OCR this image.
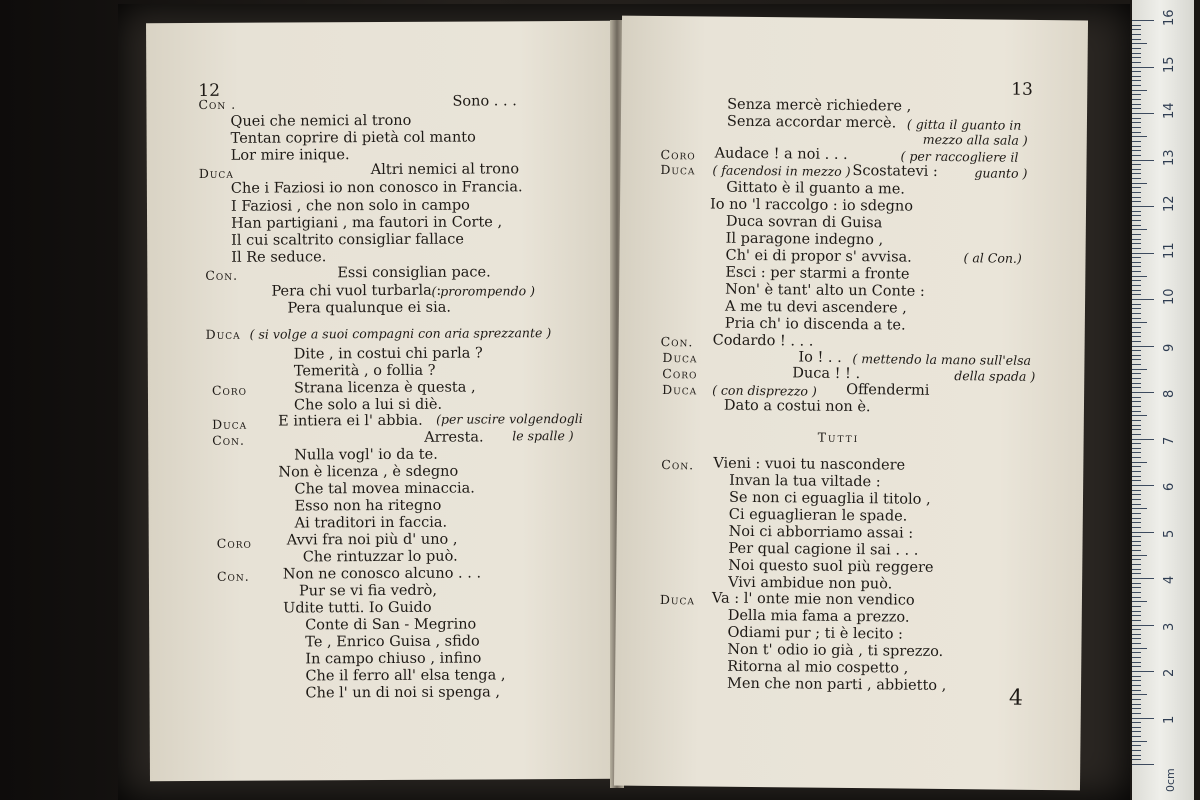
12
Con .	Sono . . .
Quei che nemici al trono
Tentan coprire di pietà col manto
Lor mire inique.
Duca	Altri nemici al trono
Che i Faziosi io non conosco in Francia.
I Faziosi , che non solo in campo
Han partigiani , ma fautori in Corte ,
Il cui scaltrito consigliar fallace
Il Re seduce.
Con.	Essi consiglian pace.
Pera chi vuol turbarla :
( prorompendo )
Pera qualunque ei sia.
Duca ( si volge a suoi compagni con aria sprezzante )
Dite , in costui chi parla ?
Temerità , o follia ?
Coro	Strana licenza è questa ,
Che solo a lui si diè.
Duca E intiera ei l' abbia. (per uscire volgendogli
Con.	Arresta. le spalle )
Nulla vogl' io da te.
Non è licenza , è sdegno
Che tal movea minaccia.
Esso non ha ritegno
Ai traditori in faccia.
Coro Avvi fra noi più d' uno ,
Che rintuzzar lo può.
Con. Non ne conosco alcuno . . .
Pur se vi fia vedrò,
Udite tutti. Io Guido
Conte di San - Megrino
Te , Enrico Guisa , sfido
In campo chiuso , infino
Che il ferro all' elsa tenga ,
Che l' un di noi si spenga ,
13
Senza mercè richiedere ,
Senza accordar mercè. ( gitta il guanto in
mezzo alla sala )
Coro Audace ! a noi . . .	( per raccogliere il
Duca ( facendosi in mezzo ) Scostatevi :	guanto )
Gittato è il guanto a me.
Io no 'l raccolgo : io sdegno
Duca sovran di Guisa
Il paragone indegno ,
Ch' ei di propor s' avvisa.	( al Con.)
Esci : per starmi a fronte
Non' è tant' alto un Conte :
A me tu devi ascendere ,
Pria ch' io discenda a te.
Con. Codardo ! . . .
Duca	Io ! . . ( mettendo la mano sull'elsa
Coro	Duca ! ! .	della spada )
Duca ( con disprezzo ) Offendermi
Dato a costui non è.
Tutti
Con. Vieni : vuoi tu nascondere
Invan la tua viltade :
Se non ci eguaglia il titolo ,
Ci eguaglieran le spade.
Noi ci abborriamo assai :
Per qual cagione il sai . . .
Noi questo suol più reggere
Vivi ambidue non può.
Duca Va : l' onte mie non vendico
Della mia fama a prezzo.
Odiami pur ; ti è lecito :
Non t' odio io già , ti sprezzo.
Ritorna al mio cospetto ,
Men che non parti , abbietto ,
4
0cm
1
2
3
4
5
6
7
8
9
10
11
12
13
14
15
16
